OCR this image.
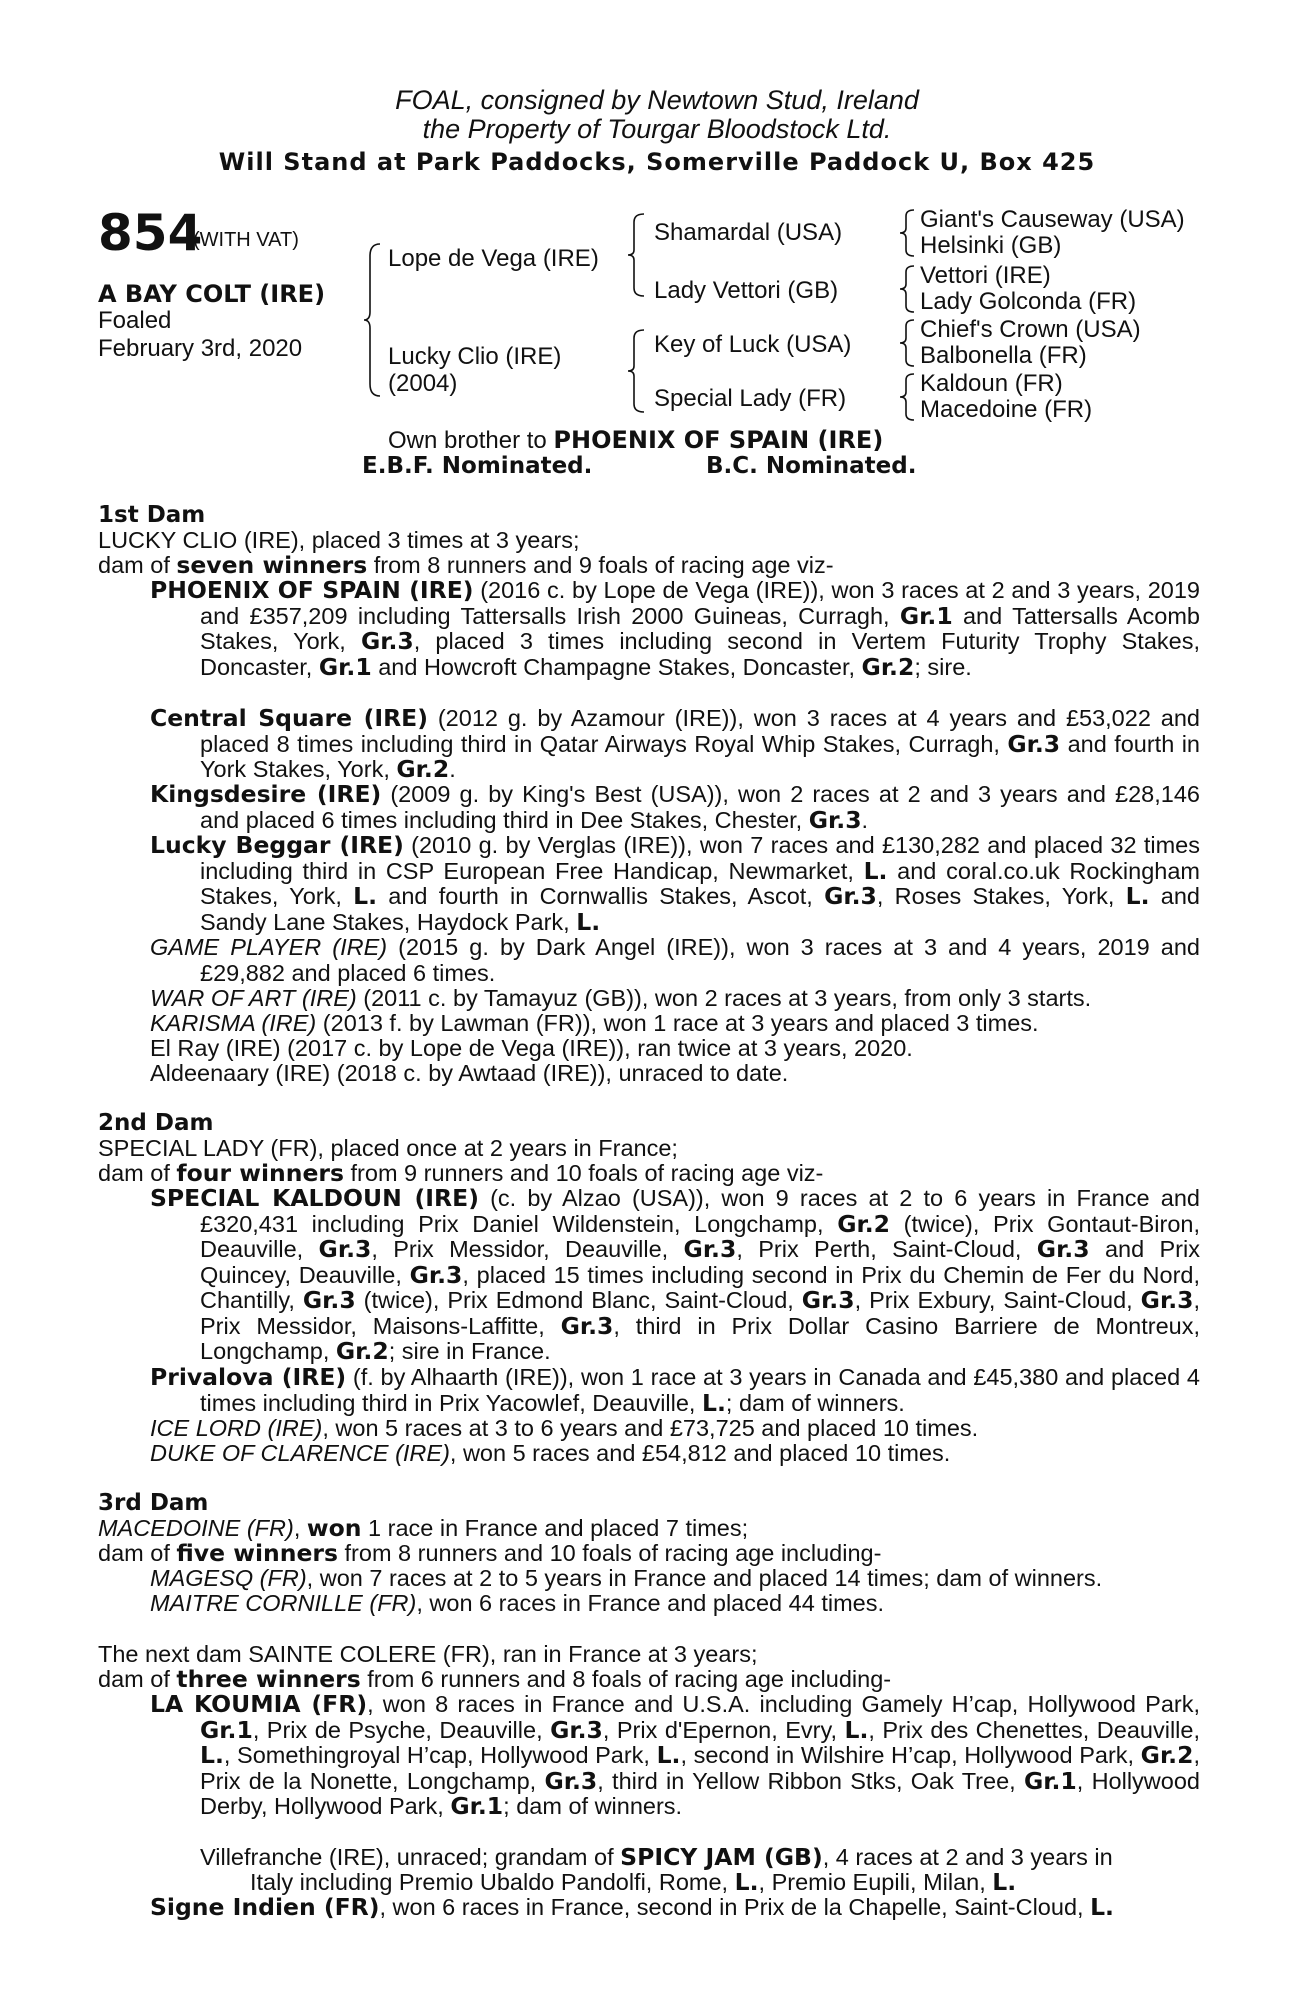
FOAL, consigned by Newtown Stud, Ireland
the Property of Tourgar Bloodstock Ltd.
Will Stand at Park Paddocks, Somerville Paddock U, Box 425
854
(WITH VAT)
A BAY COLT (IRE)
Foaled
February 3rd, 2020
Lope de Vega (IRE)
Lucky Clio (IRE)
(2004)
Shamardal (USA)
Lady Vettori (GB)
Key of Luck (USA)
Special Lady (FR)
Giant's Causeway (USA)
Helsinki (GB)
Vettori (IRE)
Lady Golconda (FR)
Chief's Crown (USA)
Balbonella (FR)
Kaldoun (FR)
Macedoine (FR)
Own brother to PHOENIX OF SPAIN (IRE)
E.B.F. Nominated.	B.C. Nominated.
1st Dam
LUCKY CLIO (IRE), placed 3 times at 3 years;
dam of seven winners from 8 runners and 9 foals of racing age viz-
PHOENIX OF SPAIN (IRE) (2016 c. by Lope de Vega (IRE)), won 3 races at 2 and 3 years, 2019 and £357,209 including Tattersalls Irish 2000 Guineas, Curragh, Gr.1 and Tattersalls Acomb Stakes, York, Gr.3, placed 3 times including second in Vertem Futurity Trophy Stakes, Doncaster, Gr.1 and Howcroft Champagne Stakes, Doncaster, Gr.2; sire.
Central Square (IRE) (2012 g. by Azamour (IRE)), won 3 races at 4 years and £53,022 and placed 8 times including third in Qatar Airways Royal Whip Stakes, Curragh, Gr.3 and fourth in York Stakes, York, Gr.2.
Kingsdesire (IRE) (2009 g. by King's Best (USA)), won 2 races at 2 and 3 years and £28,146 and placed 6 times including third in Dee Stakes, Chester, Gr.3.
Lucky Beggar (IRE) (2010 g. by Verglas (IRE)), won 7 races and £130,282 and placed 32 times including third in CSP European Free Handicap, Newmarket, L. and coral.co.uk Rockingham Stakes, York, L. and fourth in Cornwallis Stakes, Ascot, Gr.3, Roses Stakes, York, L. and Sandy Lane Stakes, Haydock Park, L.
GAME PLAYER (IRE) (2015 g. by Dark Angel (IRE)), won 3 races at 3 and 4 years, 2019 and £29,882 and placed 6 times.
WAR OF ART (IRE) (2011 c. by Tamayuz (GB)), won 2 races at 3 years, from only 3 starts.
KARISMA (IRE) (2013 f. by Lawman (FR)), won 1 race at 3 years and placed 3 times.
El Ray (IRE) (2017 c. by Lope de Vega (IRE)), ran twice at 3 years, 2020.
Aldeenaary (IRE) (2018 c. by Awtaad (IRE)), unraced to date.
2nd Dam
SPECIAL LADY (FR), placed once at 2 years in France;
dam of four winners from 9 runners and 10 foals of racing age viz-
SPECIAL KALDOUN (IRE) (c. by Alzao (USA)), won 9 races at 2 to 6 years in France and £320,431 including Prix Daniel Wildenstein, Longchamp, Gr.2 (twice), Prix Gontaut-Biron, Deauville, Gr.3, Prix Messidor, Deauville, Gr.3, Prix Perth, Saint-Cloud, Gr.3 and Prix Quincey, Deauville, Gr.3, placed 15 times including second in Prix du Chemin de Fer du Nord, Chantilly, Gr.3 (twice), Prix Edmond Blanc, Saint-Cloud, Gr.3, Prix Exbury, Saint-Cloud, Gr.3, Prix Messidor, Maisons-Laffitte, Gr.3, third in Prix Dollar Casino Barriere de Montreux, Longchamp, Gr.2; sire in France.
Privalova (IRE) (f. by Alhaarth (IRE)), won 1 race at 3 years in Canada and £45,380 and placed 4 times including third in Prix Yacowlef, Deauville, L.; dam of winners.
ICE LORD (IRE), won 5 races at 3 to 6 years and £73,725 and placed 10 times.
DUKE OF CLARENCE (IRE), won 5 races and £54,812 and placed 10 times.
3rd Dam
MACEDOINE (FR), won 1 race in France and placed 7 times;
dam of five winners from 8 runners and 10 foals of racing age including-
MAGESQ (FR), won 7 races at 2 to 5 years in France and placed 14 times; dam of winners.
MAITRE CORNILLE (FR), won 6 races in France and placed 44 times.
The next dam SAINTE COLERE (FR), ran in France at 3 years;
dam of three winners from 6 runners and 8 foals of racing age including-
LA KOUMIA (FR), won 8 races in France and U.S.A. including Gamely H’cap, Hollywood Park, Gr.1, Prix de Psyche, Deauville, Gr.3, Prix d'Epernon, Evry, L., Prix des Chenettes, Deauville, L., Somethingroyal H’cap, Hollywood Park, L., second in Wilshire H’cap, Hollywood Park, Gr.2, Prix de la Nonette, Longchamp, Gr.3, third in Yellow Ribbon Stks, Oak Tree, Gr.1, Hollywood Derby, Hollywood Park, Gr.1; dam of winners.
Villefranche (IRE), unraced; grandam of SPICY JAM (GB), 4 races at 2 and 3 years in
Italy including Premio Ubaldo Pandolfi, Rome, L., Premio Eupili, Milan, L.
Signe Indien (FR), won 6 races in France, second in Prix de la Chapelle, Saint-Cloud, L.
